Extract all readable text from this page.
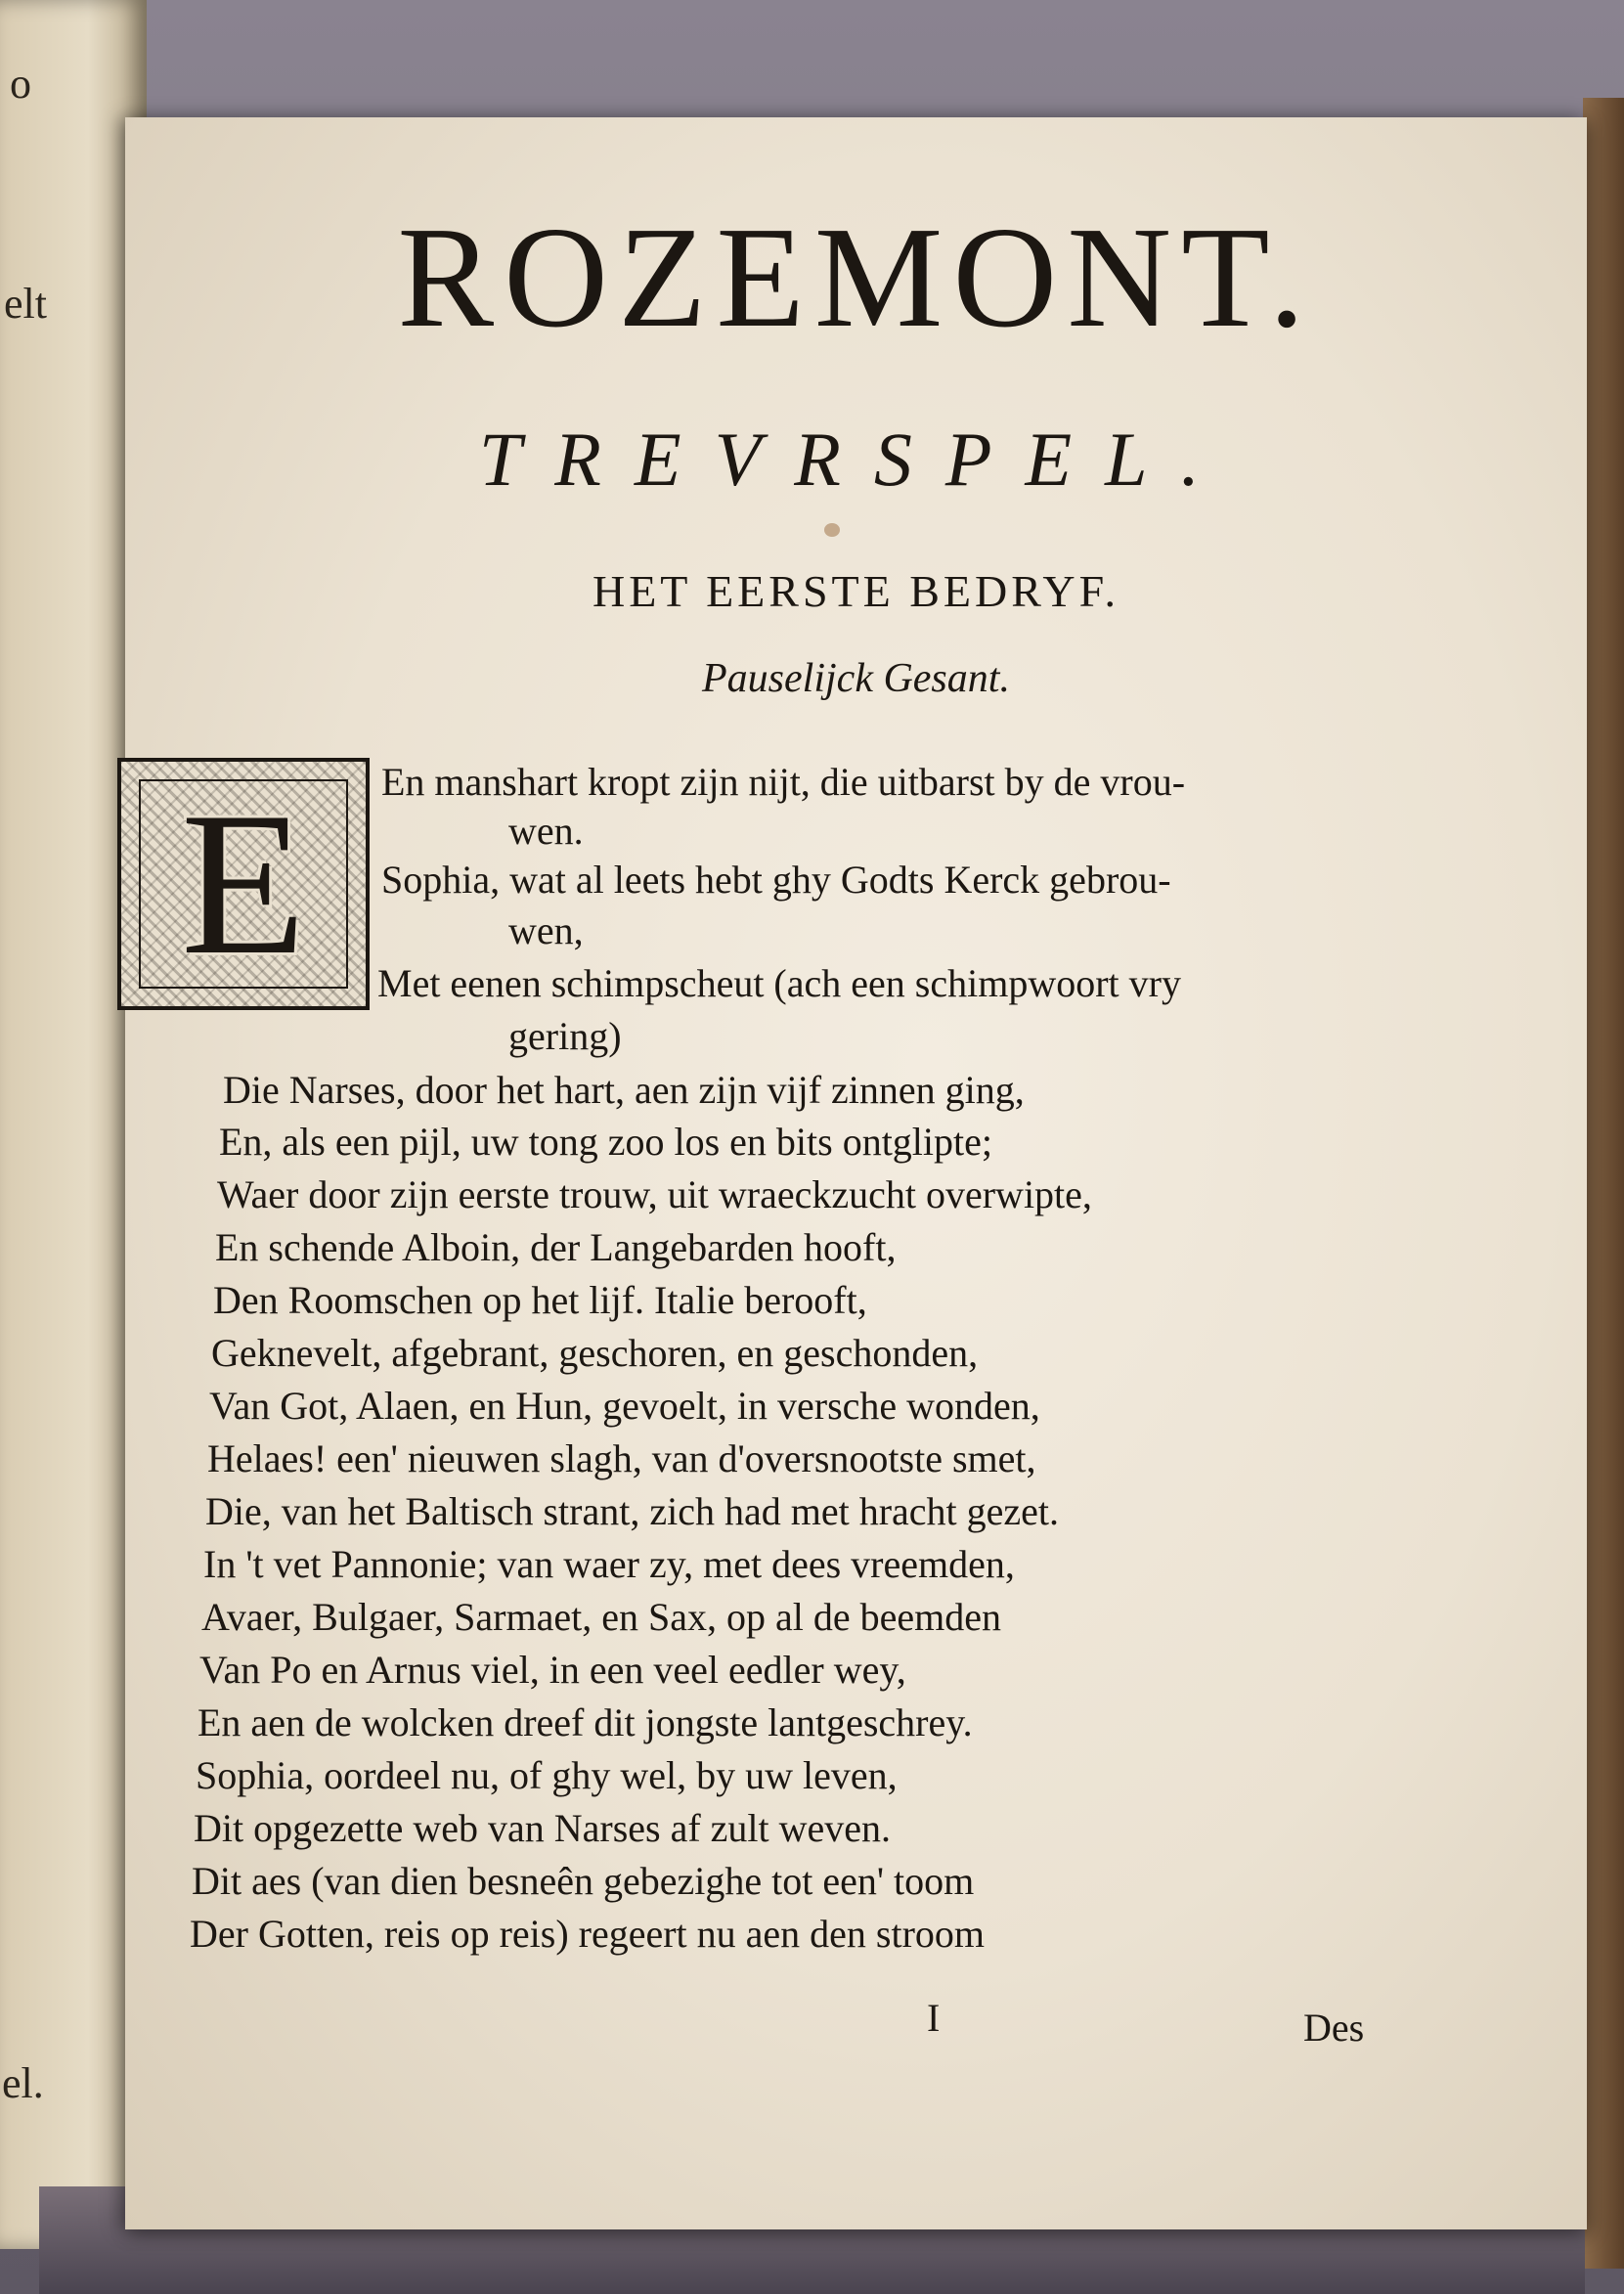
o
elt
el.
ROZEMONT.
TREVRSPEL.
HET EERSTE BEDRYF.
Pauselijck Gesant.
E	En manshart kropt zijn nijt, die uitbarst by de vrou-
wen.
Sophia, wat al leets hebt ghy Godts Kerck gebrou-
wen,
Met eenen schimpscheut (ach een schimpwoort vry
gering)
Die Narses, door het hart, aen zijn vijf zinnen ging,
En, als een pijl, uw tong zoo los en bits ontglipte;
Waer door zijn eerste trouw, uit wraeckzucht overwipte,
En schende Alboin, der Langebarden hooft,
Den Roomschen op het lijf. Italie berooft,
Geknevelt, afgebrant, geschoren, en geschonden,
Van Got, Alaen, en Hun, gevoelt, in versche wonden,
Helaes! een' nieuwen slagh, van d'oversnootste smet,
Die, van het Baltisch strant, zich had met hracht gezet.
In 't vet Pannonie; van waer zy, met dees vreemden,
Avaer, Bulgaer, Sarmaet, en Sax, op al de beemden
Van Po en Arnus viel, in een veel eedler wey,
En aen de wolcken dreef dit jongste lantgeschrey.
Sophia, oordeel nu, of ghy wel, by uw leven,
Dit opgezette web van Narses af zult weven.
Dit aes (van dien besneên gebezighe tot een' toom
Der Gotten, reis op reis) regeert nu aen den stroom
I	Des
